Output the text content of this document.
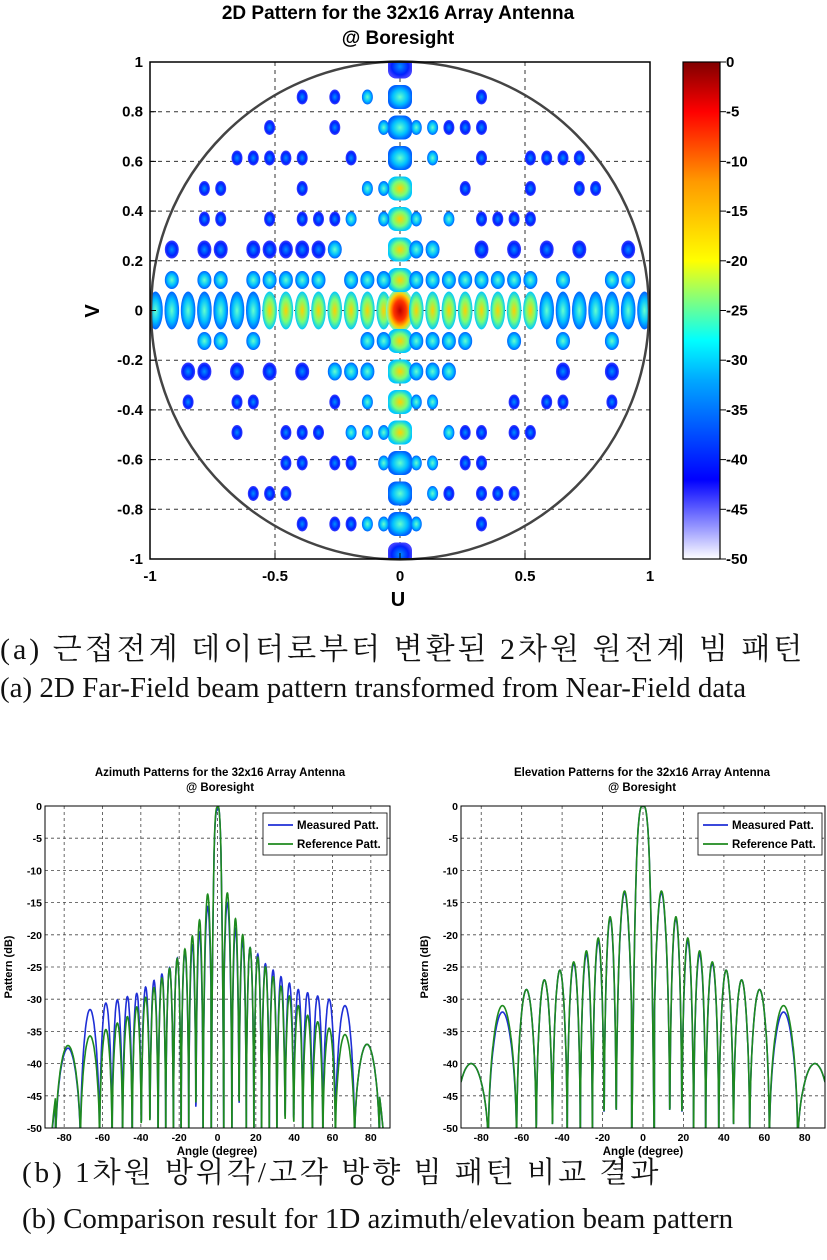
2D Pattern for the 32x16 Array Antenna
@ Boresight
-1	-0.5	0	0.5	1
1
0.8
0.6
0.4
0.2
0
-0.2
-0.4
-0.6
-0.8
-1
U
V
0
-5
-10
-15
-20
-25
-30
-35
-40
-45
-50
Azimuth Patterns for the 32x16 Array Antenna
@ Boresight
-80 -60 -40 -20	0	20	40	60	80
0
-5
-10
-15
-20
-25
-30
-35
-40
-45
-50
Angle (degree)
Pattern (dB)
Measured Patt.
Reference Patt.
Elevation Patterns for the 32x16 Array Antenna
@ Boresight
-80 -60 -40 -20	0	20	40	60	80
0
-5
-10
-15
-20
-25
-30
-35
-40
-45
-50
Angle (degree)
Pattern (dB)
Measured Patt.
Reference Patt.
(a) 근접전계 데이터로부터 변환된 2차원 원전계 빔 패턴
(a) 2D Far-Field beam pattern transformed from Near-Field data
(b) 1차원 방위각/고각 방향 빔 패턴 비교 결과
(b) Comparison result for 1D azimuth/elevation beam pattern
